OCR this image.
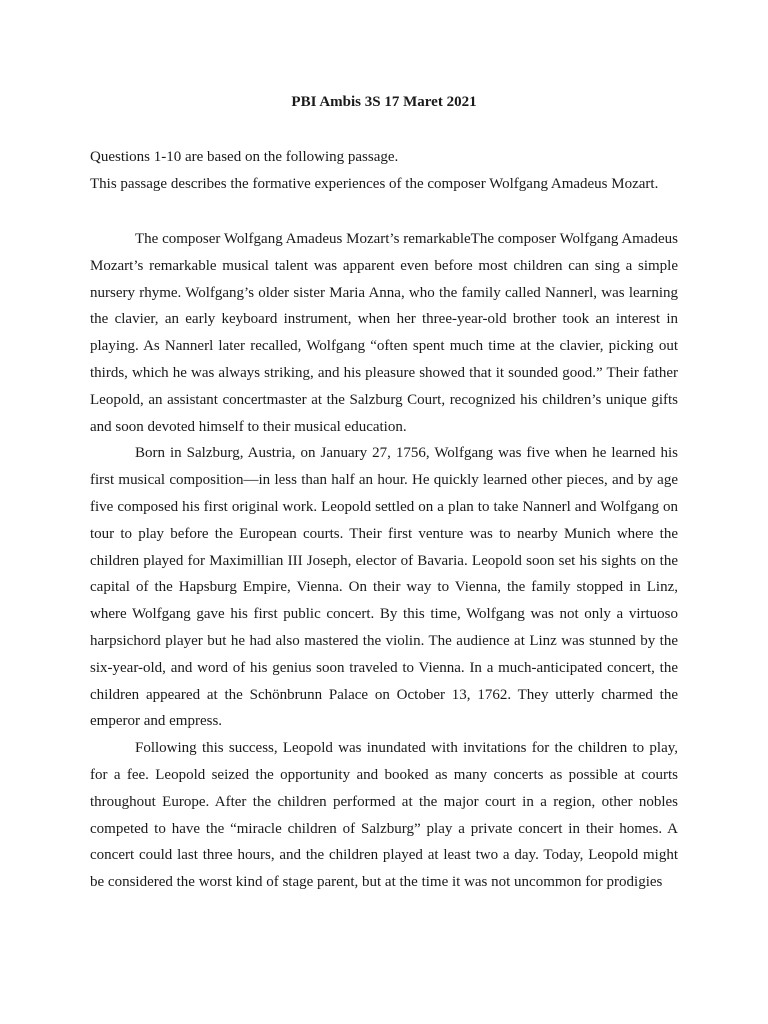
PBI Ambis 3S 17 Maret 2021

Questions 1-10 are based on the following passage.

This passage describes the formative experiences of the composer Wolfgang Amadeus Mozart.

The composer Wolfgang Amadeus Mozart’s remarkableThe composer Wolfgang Amadeus Mozart’s remarkable musical talent was apparent even before most children can sing a simple nursery rhyme. Wolfgang’s older sister Maria Anna, who the family called Nannerl, was learning the clavier, an early keyboard instrument, when her three-year-old brother took an interest in playing. As Nannerl later recalled, Wolfgang “often spent much time at the clavier, picking out thirds, which he was always striking, and his pleasure showed that it sounded good.” Their father Leopold, an assistant concertmaster at the Salzburg Court, recognized his children’s unique gifts and soon devoted himself to their musical education.

Born in Salzburg, Austria, on January 27, 1756, Wolfgang was five when he learned his first musical composition—in less than half an hour. He quickly learned other pieces, and by age five composed his first original work. Leopold settled on a plan to take Nannerl and Wolfgang on tour to play before the European courts. Their first venture was to nearby Munich where the children played for Maximillian III Joseph, elector of Bavaria. Leopold soon set his sights on the capital of the Hapsburg Empire, Vienna. On their way to Vienna, the family stopped in Linz, where Wolfgang gave his first public concert. By this time, Wolfgang was not only a virtuoso harpsichord player but he had also mastered the violin. The audience at Linz was stunned by the six-year-old, and word of his genius soon traveled to Vienna. In a much-anticipated concert, the children appeared at the Schönbrunn Palace on October 13, 1762. They utterly charmed the emperor and empress.

Following this success, Leopold was inundated with invitations for the children to play, for a fee. Leopold seized the opportunity and booked as many concerts as possible at courts throughout Europe. After the children performed at the major court in a region, other nobles competed to have the “miracle children of Salzburg” play a private concert in their homes. A concert could last three hours, and the children played at least two a day. Today, Leopold might be considered the worst kind of stage parent, but at the time it was not uncommon for prodigies
